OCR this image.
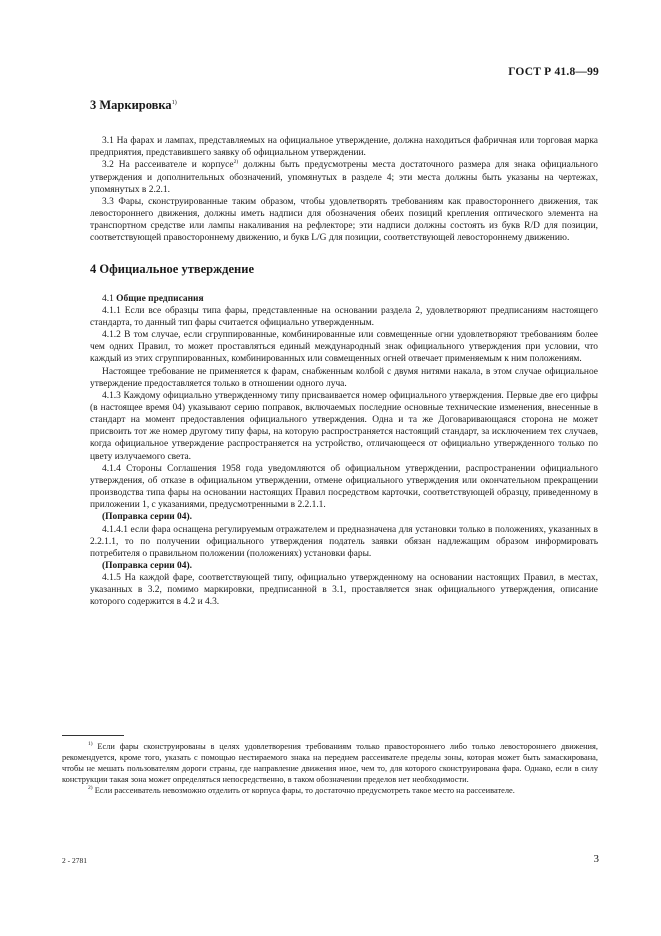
ГОСТ Р 41.8—99
3 Маркировка$^{1)}$

3.1 На фарах и лампах, представляемых на официальное утверждение, должна находиться фабричная или торговая марка предприятия, представившего заявку об официальном утверждении.

3.2 На рассеивателе и корпусе$^{2)}$ должны быть предусмотрены места достаточного размера для знака официального утверждения и дополнительных обозначений, упомянутых в разделе 4; эти места должны быть указаны на чертежах, упомянутых в 2.2.1.

3.3 Фары, сконструированные таким образом, чтобы удовлетворять требованиям как правостороннего движения, так левостороннего движения, должны иметь надписи для обозначения обеих позиций крепления оптического элемента на транспортном средстве или лампы накаливания на рефлекторе; эти надписи должны состоять из букв R/D для позиции, соответствующей правостороннему движению, и букв L/G для позиции, соответствующей левостороннему движению.

4 Официальное утверждение

4.1 Общие предписания

4.1.1 Если все образцы типа фары, представленные на основании раздела 2, удовлетворяют предписаниям настоящего стандарта, то данный тип фары считается официально утвержденным.

4.1.2 В том случае, если сгруппированные, комбинированные или совмещенные огни удовлетворяют требованиям более чем одних Правил, то может проставляться единый международный знак официального утверждения при условии, что каждый из этих сгруппированных, комбинированных или совмещенных огней отвечает применяемым к ним положениям.

Настоящее требование не применяется к фарам, снабженным колбой с двумя нитями накала, в этом случае официальное утверждение предоставляется только в отношении одного луча.

4.1.3 Каждому официально утвержденному типу присваивается номер официального утверждения. Первые две его цифры (в настоящее время 04) указывают серию поправок, включаемых последние основные технические изменения, внесенные в стандарт на момент предоставления официального утверждения. Одна и та же Договаривающаяся сторона не может присвоить тот же номер другому типу фары, на которую распространяется настоящий стандарт, за исключением тех случаев, когда официальное утверждение распространяется на устройство, отличающееся от официально утвержденного только по цвету излучаемого света.

4.1.4 Стороны Соглашения 1958 года уведомляются об официальном утверждении, распространении официального утверждения, об отказе в официальном утверждении, отмене официального утверждения или окончательном прекращении производства типа фары на основании настоящих Правил посредством карточки, соответствующей образцу, приведенному в приложении 1, с указаниями, предусмотренными в 2.2.1.1.

(Поправка серии 04).

4.1.4.1 если фара оснащена регулируемым отражателем и предназначена для установки только в положениях, указанных в 2.2.1.1, то по получении официального утверждения податель заявки обязан надлежащим образом информировать потребителя о правильном положении (положениях) установки фары.

(Поправка серии 04).

4.1.5 На каждой фаре, соответствующей типу, официально утвержденному на основании настоящих Правил, в местах, указанных в 3.2, помимо маркировки, предписанной в 3.1, проставляется знак официального утверждения, описание которого содержится в 4.2 и 4.3.

$^{1)}$ Если фары сконструированы в целях удовлетворения требованиям только правостороннего либо только левостороннего движения, рекомендуется, кроме того, указать с помощью нестираемого знака на переднем рассеивателе пределы зоны, которая может быть замаскирована, чтобы не мешать пользователям дороги страны, где направление движения иное, чем то, для которого сконструирована фара. Однако, если в силу конструкции такая зона может определяться непосредственно, в таком обозначении пределов нет необходимости.

$^{2)}$ Если рассеиватель невозможно отделить от корпуса фары, то достаточно предусмотреть такое место на рассеивателе.

2 - 2781	3
